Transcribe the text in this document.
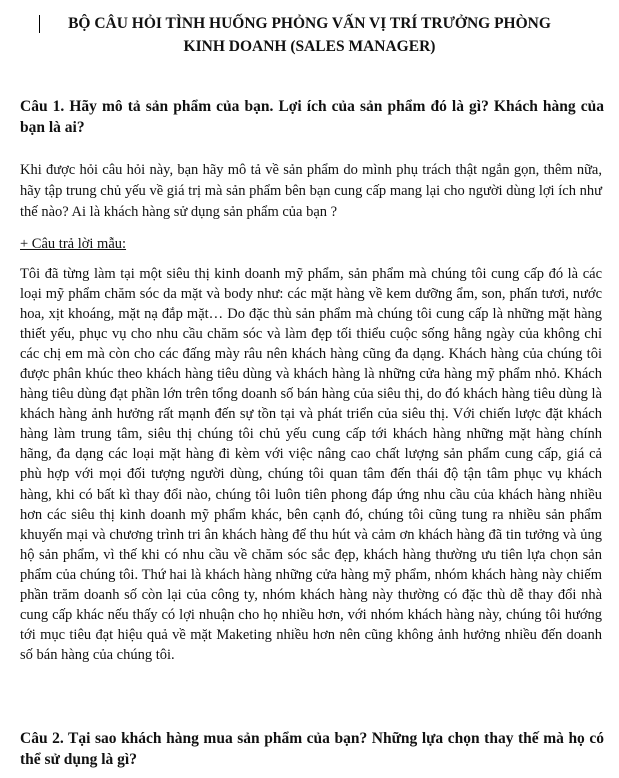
BỘ CÂU HỎI TÌNH HUỐNG PHỎNG VẤN VỊ TRÍ TRƯỞNG PHÒNG
KINH DOANH (SALES MANAGER)
Câu 1. Hãy mô tả sản phẩm của bạn. Lợi ích của sản phẩm đó là gì? Khách hàng của bạn là ai?
Khi được hỏi câu hỏi này, bạn hãy mô tả về sản phẩm do mình phụ trách thật ngắn gọn, thêm nữa, hãy tập trung chủ yếu về giá trị mà sản phẩm bên bạn cung cấp mang lại cho người dùng lợi ích như thế nào? Ai là khách hàng sử dụng sản phẩm của bạn ?
+ Câu trả lời mẫu:
Tôi đã từng làm tại một siêu thị kinh doanh mỹ phẩm, sản phẩm mà chúng tôi cung cấp đó là các loại mỹ phẩm chăm sóc da mặt và body như: các mặt hàng về kem dưỡng ẩm, son, phấn tươi, nước hoa, xịt khoáng, mặt nạ đắp mặt… Do đặc thù sản phẩm mà chúng tôi cung cấp là những mặt hàng thiết yếu, phục vụ cho nhu cầu chăm sóc và làm đẹp tối thiểu cuộc sống hằng ngày của không chỉ các chị em mà còn cho các đấng mày râu nên khách hàng cũng đa dạng. Khách hàng của chúng tôi được phân khúc theo khách hàng tiêu dùng và khách hàng là những cửa hàng mỹ phẩm nhỏ. Khách hàng tiêu dùng đạt phần lớn trên tổng doanh số bán hàng của siêu thị, do đó khách hàng tiêu dùng là khách hàng ảnh hưởng rất mạnh đến sự tồn tại và phát triển của siêu thị. Với chiến lược đặt khách hàng làm trung tâm, siêu thị chúng tôi chủ yếu cung cấp tới khách hàng những mặt hàng chính hãng, đa dạng các loại mặt hàng đi kèm với việc nâng cao chất lượng sản phẩm cung cấp, giá cả phù hợp với mọi đối tượng người dùng, chúng tôi quan tâm đến thái độ tận tâm phục vụ khách hàng, khi có bất kì thay đổi nào, chúng tôi luôn tiên phong đáp ứng nhu cầu của khách hàng nhiều hơn các siêu thị kinh doanh mỹ phẩm khác, bên cạnh đó, chúng tôi cũng tung ra nhiều sản phẩm khuyến mại và chương trình tri ân khách hàng để thu hút và cảm ơn khách hàng đã tin tưởng và ủng hộ sản phẩm, vì thế khi có nhu cầu về chăm sóc sắc đẹp, khách hàng thường ưu tiên lựa chọn sản phẩm của chúng tôi. Thứ hai là khách hàng những cửa hàng mỹ phẩm, nhóm khách hàng này chiếm phần trăm doanh số còn lại của công ty, nhóm khách hàng này thường có đặc thù dễ thay đổi nhà cung cấp khác nếu thấy có lợi nhuận cho họ nhiều hơn, với nhóm khách hàng này, chúng tôi hướng tới mục tiêu đạt hiệu quả về mặt Maketing nhiều hơn nên cũng không ảnh hưởng nhiều đến doanh số bán hàng của chúng tôi.
Câu 2. Tại sao khách hàng mua sản phẩm của bạn? Những lựa chọn thay thế mà họ có thể sử dụng là gì?
